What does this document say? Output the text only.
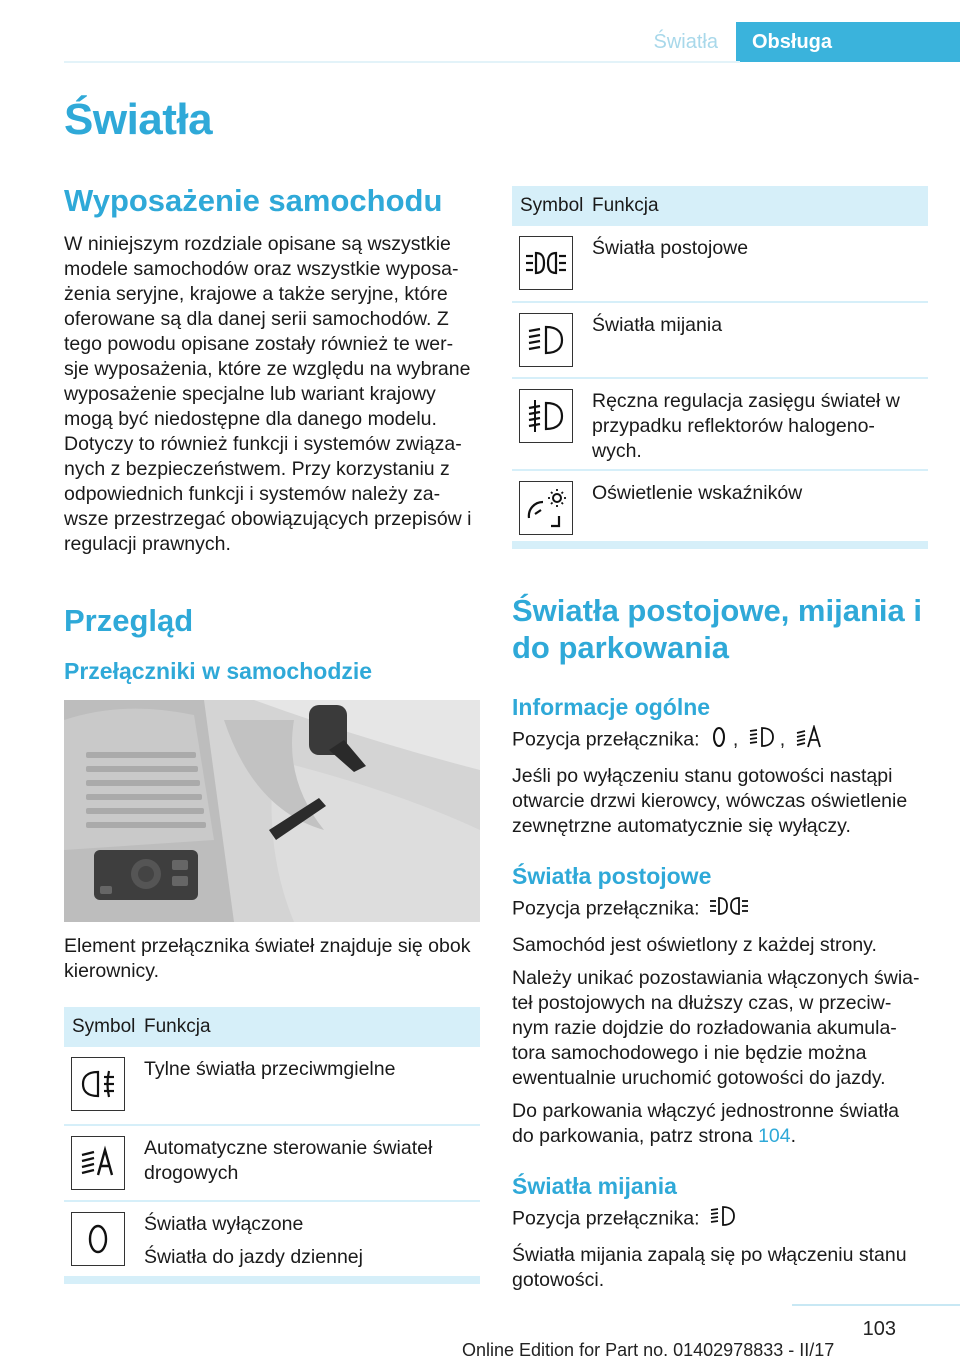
Światła	Obsługa
Światła
Wyposażenie samochodu

W niniejszym rozdziale opisane są wszystkie
modele samochodów oraz wszystkie wyposa‐
żenia seryjne, krajowe a także seryjne, które
oferowane są dla danej serii samochodów. Z
tego powodu opisane zostały również te wer‐
sje wyposażenia, które ze względu na wybrane
wyposażenie specjalne lub wariant krajowy
mogą być niedostępne dla danego modelu.
Dotyczy to również funkcji i systemów związa‐
nych z bezpieczeństwem. Przy korzystaniu z
odpowiednich funkcji i systemów należy za‐
wsze przestrzegać obowiązujących przepisów i
regulacji prawnych.

Przegląd
Przełączniki w samochodzie

Element przełącznika świateł znajduje się obok
kierownicy.

Symbol	Funkcja

Tylne światła przeciwmgielne

Automatyczne sterowanie świateł
drogowych

Światła wyłączone
Światła do jazdy dziennej
Symbol	Funkcja

Światła postojowe

Światła mijania

Ręczna regulacja zasięgu świateł w
przypadku reflektorów halogeno‐
wych.

Oświetlenie wskaźników
Światła postojowe, mijania i
do parkowania
Informacje ogólne

Pozycja przełącznika: , ,

Jeśli po wyłączeniu stanu gotowości nastąpi
otwarcie drzwi kierowcy, wówczas oświetlenie
zewnętrzne automatycznie się wyłączy.

Światła postojowe

Pozycja przełącznika:

Samochód jest oświetlony z każdej strony.

Należy unikać pozostawiania włączonych świa‐
teł postojowych na dłuższy czas, w przeciw‐
nym razie dojdzie do rozładowania akumula‐
tora samochodowego i nie będzie można
ewentualnie uruchomić gotowości do jazdy.

Do parkowania włączyć jednostronne światła
do parkowania, patrz strona 104.

Światła mijania

Pozycja przełącznika:

Światła mijania zapalą się po włączeniu stanu
gotowości.

103
Online Edition for Part no. 01402978833 - II/17
